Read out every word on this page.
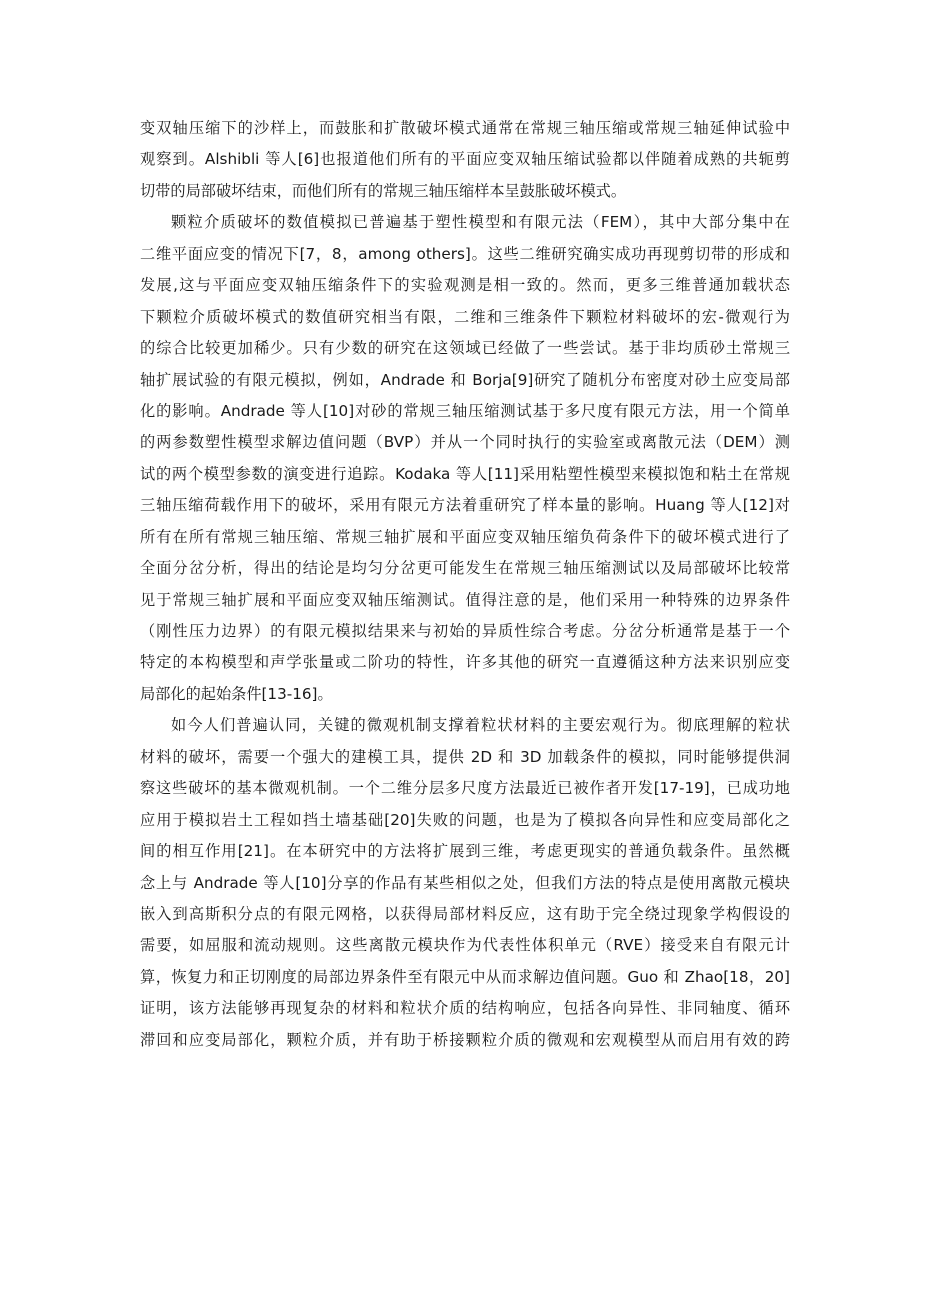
变双轴压缩下的沙样上，而鼓胀和扩散破坏模式通常在常规三轴压缩或常规三轴延伸试验中
观察到。Alshibli 等人[6]也报道他们所有的平面应变双轴压缩试验都以伴随着成熟的共轭剪
切带的局部破坏结束，而他们所有的常规三轴压缩样本呈鼓胀破坏模式。
颗粒介质破坏的数值模拟已普遍基于塑性模型和有限元法（FEM），其中大部分集中在
二维平面应变的情况下[7，8，among others]。这些二维研究确实成功再现剪切带的形成和
发展,这与平面应变双轴压缩条件下的实验观测是相一致的。然而，更多三维普通加载状态
下颗粒介质破坏模式的数值研究相当有限，二维和三维条件下颗粒材料破坏的宏-微观行为
的综合比较更加稀少。只有少数的研究在这领域已经做了一些尝试。基于非均质砂土常规三
轴扩展试验的有限元模拟，例如，Andrade 和 Borja[9]研究了随机分布密度对砂土应变局部
化的影响。Andrade 等人[10]对砂的常规三轴压缩测试基于多尺度有限元方法，用一个简单
的两参数塑性模型求解边值问题（BVP）并从一个同时执行的实验室或离散元法（DEM）测
试的两个模型参数的演变进行追踪。Kodaka 等人[11]采用粘塑性模型来模拟饱和粘土在常规
三轴压缩荷载作用下的破坏，采用有限元方法着重研究了样本量的影响。Huang 等人[12]对
所有在所有常规三轴压缩、常规三轴扩展和平面应变双轴压缩负荷条件下的破坏模式进行了
全面分岔分析，得出的结论是均匀分岔更可能发生在常规三轴压缩测试以及局部破坏比较常
见于常规三轴扩展和平面应变双轴压缩测试。值得注意的是，他们采用一种特殊的边界条件
（刚性压力边界）的有限元模拟结果来与初始的异质性综合考虑。分岔分析通常是基于一个
特定的本构模型和声学张量或二阶功的特性，许多其他的研究一直遵循这种方法来识别应变
局部化的起始条件[13-16]。
如今人们普遍认同，关键的微观机制支撑着粒状材料的主要宏观行为。彻底理解的粒状
材料的破坏，需要一个强大的建模工具，提供 2D 和 3D 加载条件的模拟，同时能够提供洞
察这些破坏的基本微观机制。一个二维分层多尺度方法最近已被作者开发[17-19]，已成功地
应用于模拟岩土工程如挡土墙基础[20]失败的问题，也是为了模拟各向异性和应变局部化之
间的相互作用[21]。在本研究中的方法将扩展到三维，考虑更现实的普通负载条件。虽然概
念上与 Andrade 等人[10]分享的作品有某些相似之处，但我们方法的特点是使用离散元模块
嵌入到高斯积分点的有限元网格，以获得局部材料反应，这有助于完全绕过现象学构假设的
需要，如屈服和流动规则。这些离散元模块作为代表性体积单元（RVE）接受来自有限元计
算，恢复力和正切刚度的局部边界条件至有限元中从而求解边值问题。Guo 和 Zhao[18，20]
证明，该方法能够再现复杂的材料和粒状介质的结构响应，包括各向异性、非同轴度、循环
滞回和应变局部化，颗粒介质，并有助于桥接颗粒介质的微观和宏观模型从而启用有效的跨
